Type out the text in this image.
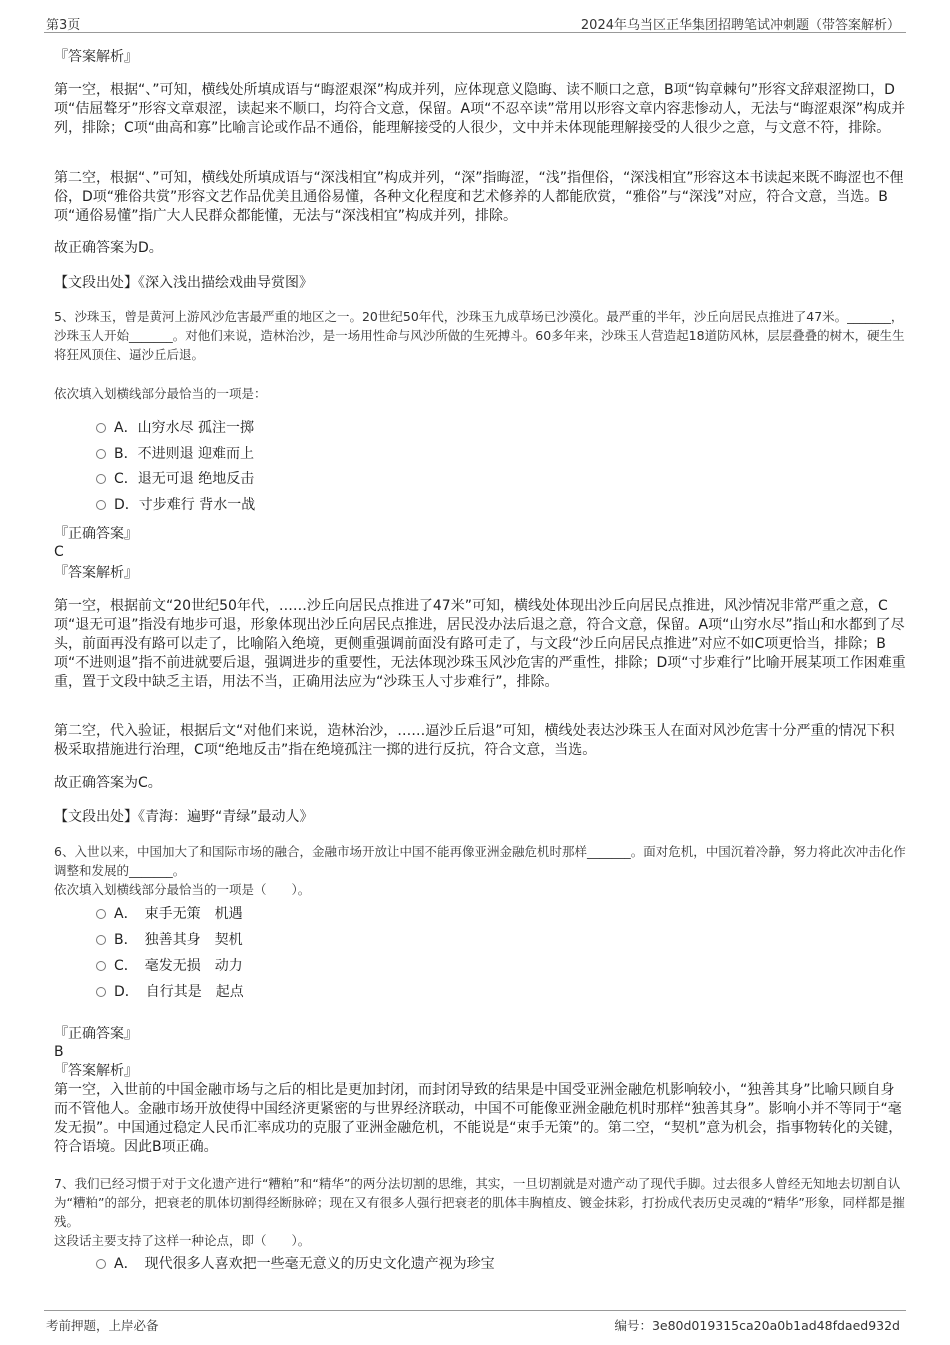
第3页	2024年乌当区正华集团招聘笔试冲刺题（带答案解析）

『答案解析』

第一空，根据“、”可知，横线处所填成语与“晦涩艰深”构成并列，应体现意义隐晦、读不顺口之意，B项“钩章棘句”形容文辞艰涩拗口，D项“佶屈聱牙”形容文章艰涩，读起来不顺口，均符合文意，保留。A项“不忍卒读”常用以形容文章内容悲惨动人，无法与“晦涩艰深”构成并列，排除；C项“曲高和寡”比喻言论或作品不通俗，能理解接受的人很少，文中并未体现能理解接受的人很少之意，与文意不符，排除。

第二空，根据“、”可知，横线处所填成语与“深浅相宜”构成并列，“深”指晦涩，“浅”指俚俗，“深浅相宜”形容这本书读起来既不晦涩也不俚俗，D项“雅俗共赏”形容文艺作品优美且通俗易懂，各种文化程度和艺术修养的人都能欣赏，“雅俗”与“深浅”对应，符合文意，当选。B项“通俗易懂”指广大人民群众都能懂，无法与“深浅相宜”构成并列，排除。

故正确答案为D。

【文段出处】《深入浅出描绘戏曲导赏图》

5、沙珠玉，曾是黄河上游风沙危害最严重的地区之一。20世纪50年代，沙珠玉九成草场已沙漠化。最严重的半年，沙丘向居民点推进了47米。_______，沙珠玉人开始_______。对他们来说，造林治沙，是一场用性命与风沙所做的生死搏斗。60多年来，沙珠玉人营造起18道防风林，层层叠叠的树木，硬生生将狂风顶住、逼沙丘后退。

依次填入划横线部分最恰当的一项是：

A．山穷水尽 孤注一掷
B．不进则退 迎难而上
C．退无可退 绝地反击
D．寸步难行 背水一战

『正确答案』

C

『答案解析』

第一空，根据前文“20世纪50年代，……沙丘向居民点推进了47米”可知，横线处体现出沙丘向居民点推进，风沙情况非常严重之意，C项“退无可退”指没有地步可退，形象体现出沙丘向居民点推进，居民没办法后退之意，符合文意，保留。A项“山穷水尽”指山和水都到了尽头，前面再没有路可以走了，比喻陷入绝境，更侧重强调前面没有路可走了，与文段“沙丘向居民点推进”对应不如C项更恰当，排除；B项“不进则退”指不前进就要后退，强调进步的重要性，无法体现沙珠玉风沙危害的严重性，排除；D项“寸步难行”比喻开展某项工作困难重重，置于文段中缺乏主语，用法不当，正确用法应为“沙珠玉人寸步难行”，排除。

第二空，代入验证，根据后文“对他们来说，造林治沙，……逼沙丘后退”可知，横线处表达沙珠玉人在面对风沙危害十分严重的情况下积极采取措施进行治理，C项“绝地反击”指在绝境孤注一掷的进行反抗，符合文意，当选。

故正确答案为C。

【文段出处】《青海：遍野“青绿”最动人》

6、入世以来，中国加大了和国际市场的融合，金融市场开放让中国不能再像亚洲金融危机时那样_______。面对危机，中国沉着冷静，努力将此次冲击化作调整和发展的_______。

依次填入划横线部分最恰当的一项是（　　）。

A．　束手无策　机遇
B．　独善其身　契机
C．　毫发无损　动力
D．　自行其是　起点

『正确答案』

B

『答案解析』

第一空，入世前的中国金融市场与之后的相比是更加封闭，而封闭导致的结果是中国受亚洲金融危机影响较小，“独善其身”比喻只顾自身而不管他人。金融市场开放使得中国经济更紧密的与世界经济联动，中国不可能像亚洲金融危机时那样“独善其身”。影响小并不等同于“毫发无损”。中国通过稳定人民币汇率成功的克服了亚洲金融危机，不能说是“束手无策”的。第二空，“契机”意为机会，指事物转化的关键，符合语境。因此B项正确。

7、我们已经习惯于对于文化遗产进行“糟粕”和“精华”的两分法切割的思维，其实，一旦切割就是对遗产动了现代手脚。过去很多人曾经无知地去切割自认为“糟粕”的部分，把衰老的肌体切割得经断脉碎；现在又有很多人强行把衰老的肌体丰胸植皮、镀金抹彩，打扮成代表历史灵魂的“精华”形象，同样都是摧残。

这段话主要支持了这样一种论点，即（　　）。

A．　现代很多人喜欢把一些毫无意义的历史文化遗产视为珍宝
考前押题，上岸必备	编号：3e80d019315ca20a0b1ad48fdaed932d
